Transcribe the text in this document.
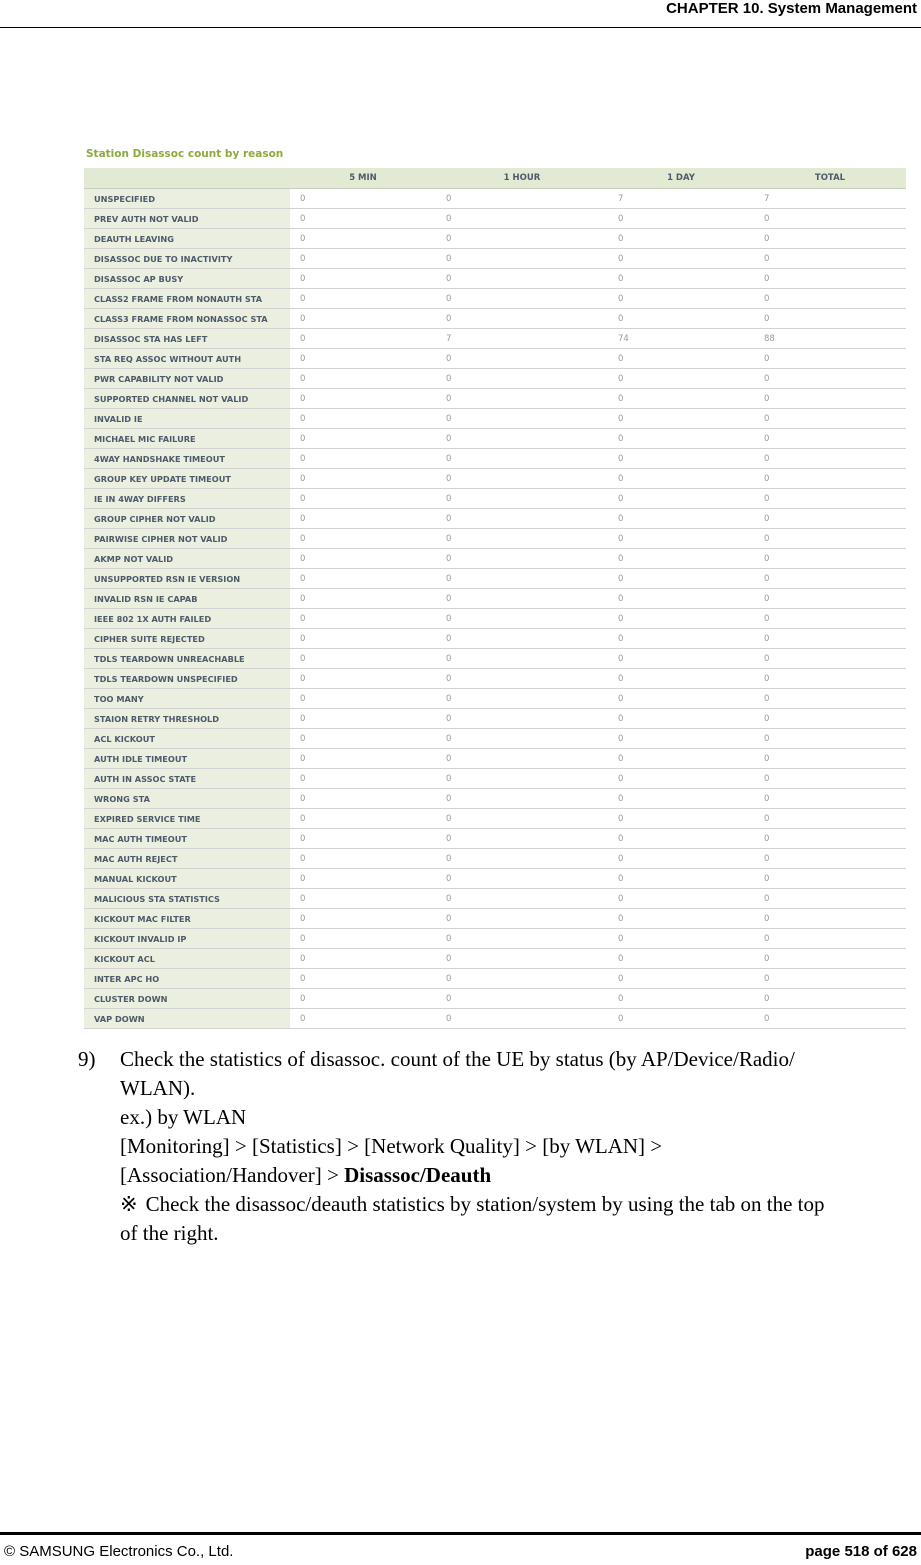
CHAPTER 10. System Management
Station Disassoc count by reason
	5 MIN	1 HOUR	1 DAY	TOTAL
UNSPECIFIED	0	0	7	7
PREV AUTH NOT VALID	0	0	0	0
DEAUTH LEAVING	0	0	0	0
DISASSOC DUE TO INACTIVITY	0	0	0	0
DISASSOC AP BUSY	0	0	0	0
CLASS2 FRAME FROM NONAUTH STA	0	0	0	0
CLASS3 FRAME FROM NONASSOC STA	0	0	0	0
DISASSOC STA HAS LEFT	0	7	74	88
STA REQ ASSOC WITHOUT AUTH	0	0	0	0
PWR CAPABILITY NOT VALID	0	0	0	0
SUPPORTED CHANNEL NOT VALID	0	0	0	0
INVALID IE	0	0	0	0
MICHAEL MIC FAILURE	0	0	0	0
4WAY HANDSHAKE TIMEOUT	0	0	0	0
GROUP KEY UPDATE TIMEOUT	0	0	0	0
IE IN 4WAY DIFFERS	0	0	0	0
GROUP CIPHER NOT VALID	0	0	0	0
PAIRWISE CIPHER NOT VALID	0	0	0	0
AKMP NOT VALID	0	0	0	0
UNSUPPORTED RSN IE VERSION	0	0	0	0
INVALID RSN IE CAPAB	0	0	0	0
IEEE 802 1X AUTH FAILED	0	0	0	0
CIPHER SUITE REJECTED	0	0	0	0
TDLS TEARDOWN UNREACHABLE	0	0	0	0
TDLS TEARDOWN UNSPECIFIED	0	0	0	0
TOO MANY	0	0	0	0
STAION RETRY THRESHOLD	0	0	0	0
ACL KICKOUT	0	0	0	0
AUTH IDLE TIMEOUT	0	0	0	0
AUTH IN ASSOC STATE	0	0	0	0
WRONG STA	0	0	0	0
EXPIRED SERVICE TIME	0	0	0	0
MAC AUTH TIMEOUT	0	0	0	0
MAC AUTH REJECT	0	0	0	0
MANUAL KICKOUT	0	0	0	0
MALICIOUS STA STATISTICS	0	0	0	0
KICKOUT MAC FILTER	0	0	0	0
KICKOUT INVALID IP	0	0	0	0
KICKOUT ACL	0	0	0	0
INTER APC HO	0	0	0	0
CLUSTER DOWN	0	0	0	0
VAP DOWN	0	0	0	0
9) Check the statistics of disassoc. count of the UE by status (by AP/Device/Radio/
WLAN).
ex.) by WLAN
[Monitoring] > [Statistics] > [Network Quality] > [by WLAN] >
[Association/Handover] > Disassoc/Deauth
※ Check the disassoc/deauth statistics by station/system by using the tab on the top
of the right.
© SAMSUNG Electronics Co., Ltd.	page 518 of 628
